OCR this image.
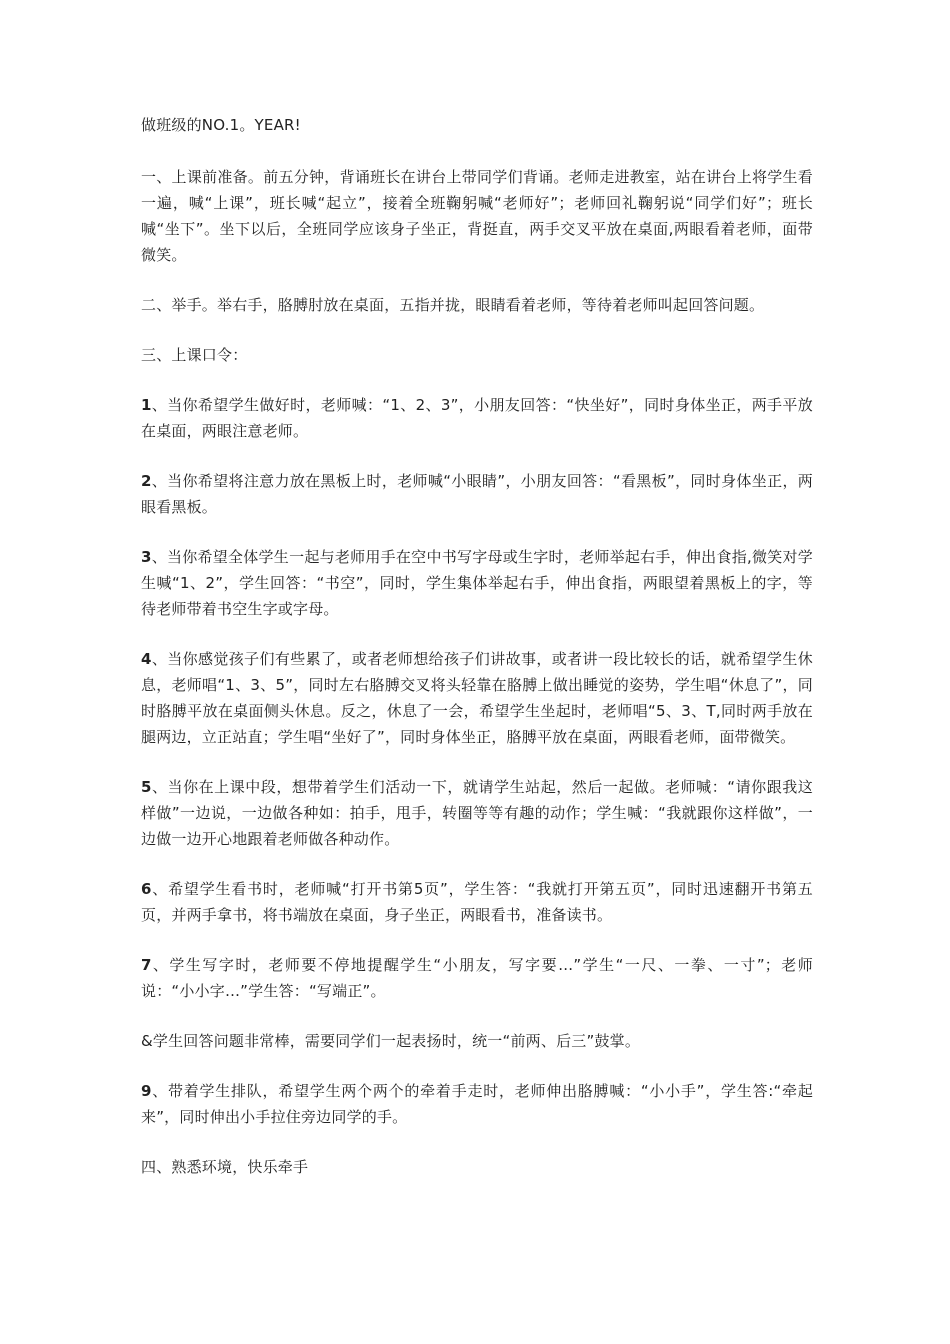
做班级的NO.1。YEAR!

一、上课前准备。前五分钟，背诵班长在讲台上带同学们背诵。老师走进教室，站在讲台上将学生看一遍，喊“上课”，班长喊“起立”，接着全班鞠躬喊“老师好”；老师回礼鞠躬说“同学们好”；班长喊“坐下”。坐下以后，全班同学应该身子坐正，背挺直，两手交叉平放在桌面,两眼看着老师，面带微笑。

二、举手。举右手，胳膊肘放在桌面，五指并拢，眼睛看着老师，等待着老师叫起回答问题。

三、上课口令：

1、当你希望学生做好时，老师喊：“1、2、3”，小朋友回答：“快坐好”，同时身体坐正，两手平放在桌面，两眼注意老师。

2、当你希望将注意力放在黑板上时，老师喊“小眼睛”，小朋友回答：“看黑板”，同时身体坐正，两眼看黑板。

3、当你希望全体学生一起与老师用手在空中书写字母或生字时，老师举起右手，伸出食指,微笑对学生喊“1、2”，学生回答：“书空”，同时，学生集体举起右手，伸出食指，两眼望着黑板上的字，等待老师带着书空生字或字母。

4、当你感觉孩子们有些累了，或者老师想给孩子们讲故事，或者讲一段比较长的话，就希望学生休息，老师唱“1、3、5”，同时左右胳膊交叉将头轻靠在胳膊上做出睡觉的姿势，学生唱“休息了”，同时胳膊平放在桌面侧头休息。反之，休息了一会，希望学生坐起时，老师唱“5、3、T,同时两手放在腿两边，立正站直；学生唱“坐好了”，同时身体坐正，胳膊平放在桌面，两眼看老师，面带微笑。

5、当你在上课中段，想带着学生们活动一下，就请学生站起，然后一起做。老师喊：“请你跟我这样做”一边说，一边做各种如：拍手，甩手，转圈等等有趣的动作；学生喊：“我就跟你这样做”，一边做一边开心地跟着老师做各种动作。

6、希望学生看书时，老师喊“打开书第5页”，学生答：“我就打开第五页”，同时迅速翻开书第五页，并两手拿书，将书端放在桌面，身子坐正，两眼看书，准备读书。

7、学生写字时，老师要不停地提醒学生“小朋友，写字要…”学生“一尺、一拳、一寸”；老师说：“小小字…”学生答：“写端正”。

&学生回答问题非常棒，需要同学们一起表扬时，统一“前两、后三”鼓掌。

9、带着学生排队，希望学生两个两个的牵着手走时，老师伸出胳膊喊：“小小手”，学生答:“牵起来”，同时伸出小手拉住旁边同学的手。

四、熟悉环境，快乐牵手
